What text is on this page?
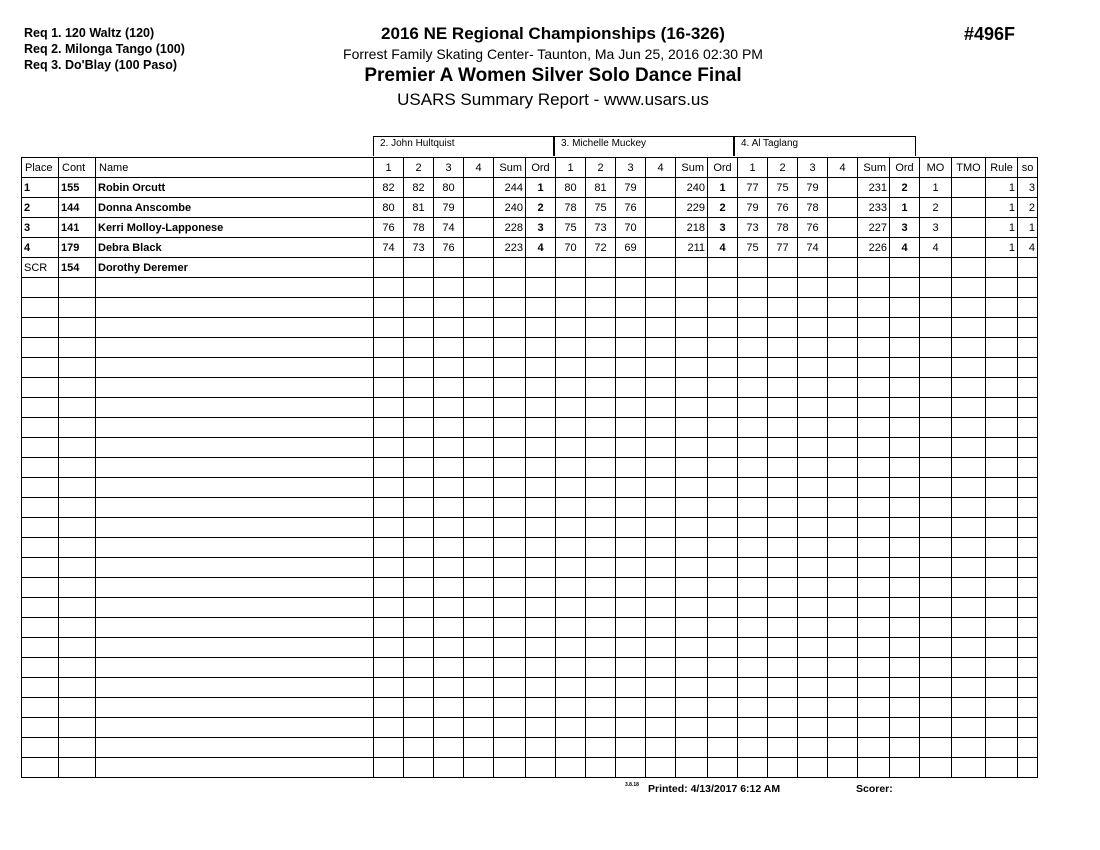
Req 1. 120 Waltz (120)
Req 2. Milonga Tango (100)
Req 3. Do'Blay (100 Paso)
2016 NE Regional Championships (16-326)
Forrest Family Skating Center- Taunton, Ma Jun 25, 2016 02:30 PM
Premier A Women Silver Solo Dance Final
USARS Summary Report - www.usars.us
#496F
2. John Hultquist	3. Michelle Muckey	4. Al Taglang
Place	Cont	Name	1	2	3	4	Sum	Ord	1	2	3	4	Sum	Ord	1	2	3	4	Sum	Ord	MO	TMO	Rule	so
1	155	Robin Orcutt	82	82	80		244	1	80	81	79		240	1	77	75	79		231	2	1		1	3
2	144	Donna Anscombe	80	81	79		240	2	78	75	76		229	2	79	76	78		233	1	2		1	2
3	141	Kerri Molloy-Lapponese	76	78	74		228	3	75	73	70		218	3	73	78	76		227	3	3		1	1
4	179	Debra Black	74	73	76		223	4	70	72	69		211	4	75	77	74		226	4	4		1	4
SCR	154	Dorothy Deremer																						

3.8.18 Printed: 4/13/2017 6:12 AM	Scorer:
